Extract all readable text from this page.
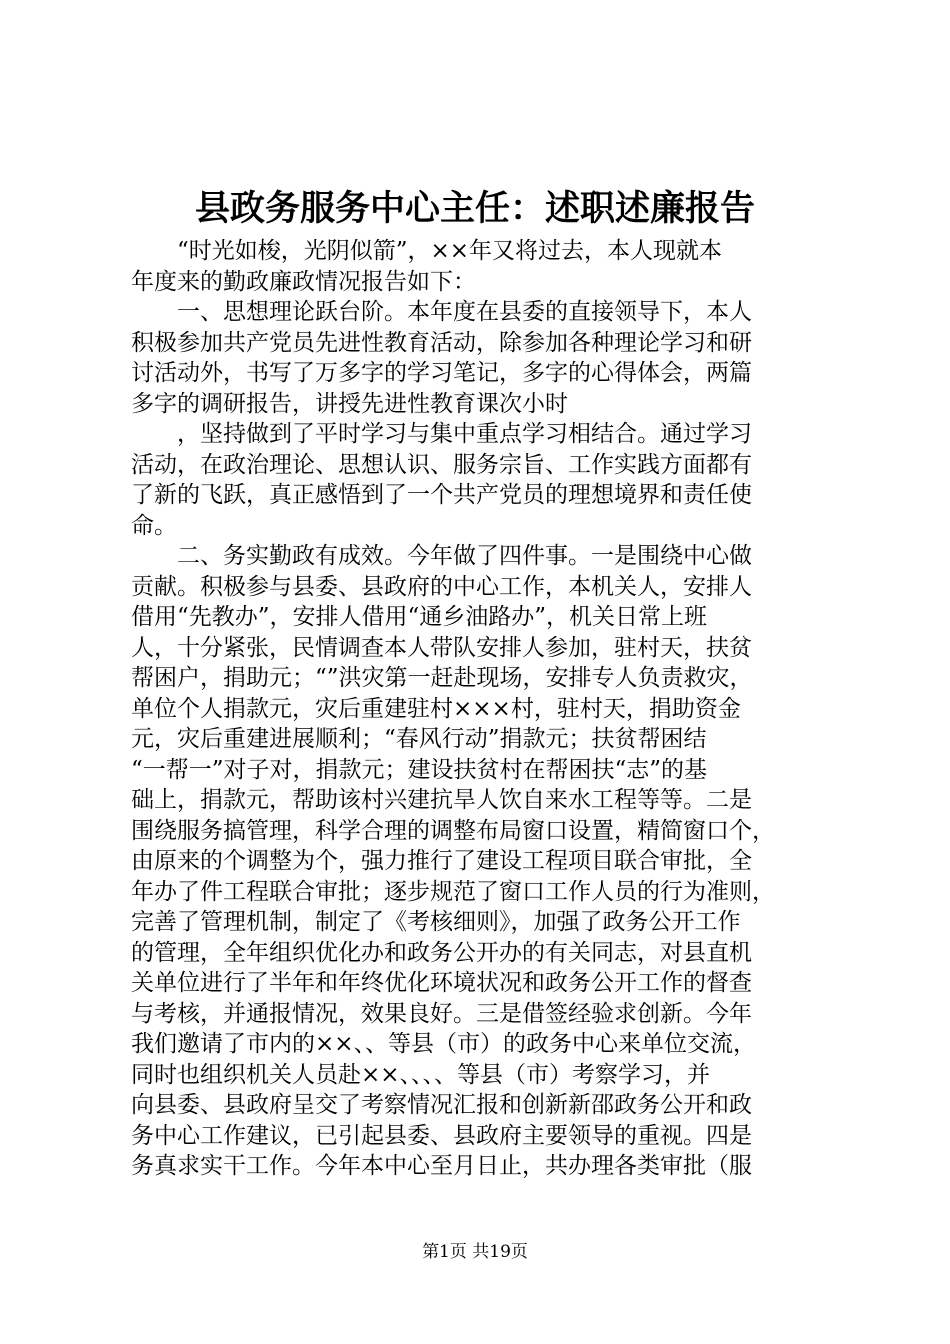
县政务服务中心主任：述职述廉报告
　　“时光如梭，光阴似箭”，××年又将过去，本人现就本
年度来的勤政廉政情况报告如下：
　　一、思想理论跃台阶。本年度在县委的直接领导下，本人
积极参加共产党员先进性教育活动，除参加各种理论学习和研
讨活动外，书写了万多字的学习笔记，多字的心得体会，两篇
多字的调研报告，讲授先进性教育课次小时
　　，坚持做到了平时学习与集中重点学习相结合。通过学习
活动，在政治理论、思想认识、服务宗旨、工作实践方面都有
了新的飞跃，真正感悟到了一个共产党员的理想境界和责任使
命。
　　二、务实勤政有成效。今年做了四件事。一是围绕中心做
贡献。积极参与县委、县政府的中心工作，本机关人，安排人
借用“先教办”，安排人借用“通乡油路办”，机关日常上班
人，十分紧张，民情调查本人带队安排人参加，驻村天，扶贫
帮困户，捐助元；“”洪灾第一赶赴现场，安排专人负责救灾，
单位个人捐款元，灾后重建驻村×××村，驻村天，捐助资金
元，灾后重建进展顺利；“春风行动”捐款元；扶贫帮困结
“一帮一”对子对，捐款元；建设扶贫村在帮困扶“志”的基
础上，捐款元，帮助该村兴建抗旱人饮自来水工程等等。二是
围绕服务搞管理，科学合理的调整布局窗口设置，精简窗口个，
由原来的个调整为个，强力推行了建设工程项目联合审批，全
年办了件工程联合审批；逐步规范了窗口工作人员的行为准则，
完善了管理机制，制定了《考核细则》，加强了政务公开工作
的管理，全年组织优化办和政务公开办的有关同志，对县直机
关单位进行了半年和年终优化环境状况和政务公开工作的督查
与考核，并通报情况，效果良好。三是借签经验求创新。今年
我们邀请了市内的××、、等县（市）的政务中心来单位交流，
同时也组织机关人员赴××、、、、等县（市）考察学习，并
向县委、县政府呈交了考察情况汇报和创新新邵政务公开和政
务中心工作建议，已引起县委、县政府主要领导的重视。四是
务真求实干工作。今年本中心至月日止，共办理各类审批（服
第1页 共19页
